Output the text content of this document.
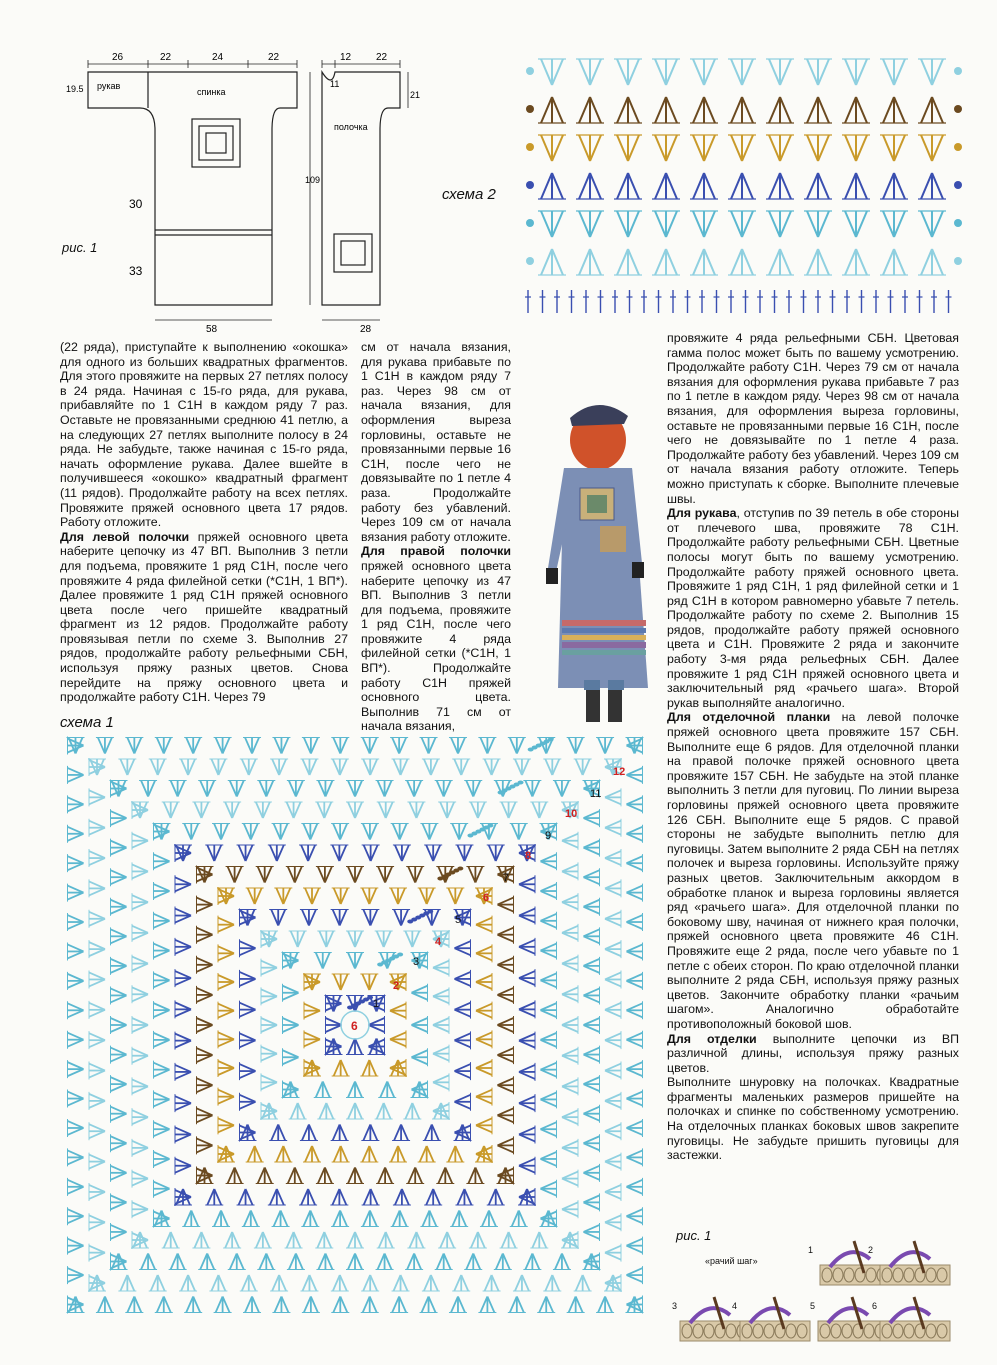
26	22	24	22
19.5 рукав
спинка
30
33
58
12 22
11
21
полочка
109
28
рис. 1
схема 2

(22 ряда), приступайте к выполнению «окошка» для одного из больших квадратных фрагментов. Для этого провяжите на первых 27 петлях полосу в 24 ряда. Начиная с 15-го ряда, для рукава, прибавляйте по 1 С1Н в каждом ряду 7 раз. Оставьте не провязанными среднюю 41 петлю, а на следующих 27 петлях выполните полосу в 24 ряда. Не забудьте, также начиная с 15-го ряда, начать оформление рукава. Далее вшейте в получившееся «окошко» квадратный фрагмент (11 рядов). Продолжайте работу на всех петлях. Провяжите пряжей основного цвета 17 рядов. Работу отложите.

Для левой полочки пряжей основного цвета наберите цепочку из 47 ВП. Выполнив 3 петли для подъема, провяжите 1 ряд С1Н, после чего провяжите 4 ряда филейной сетки (*С1Н, 1 ВП*). Далее провяжите 1 ряд С1Н пряжей основного цвета после чего пришейте квадратный фрагмент из 12 рядов. Продолжайте работу провязывая петли по схеме 3. Выполнив 27 рядов, продолжайте работу рельефными СБН, используя пряжу разных цветов. Снова перейдите на пряжу основного цвета и продолжайте работу С1Н. Через 79

см от начала вязания, для рукава прибавьте по 1 С1Н в каждом ряду 7 раз. Через 98 см от начала вязания, для оформления выреза горловины, оставьте не провязанными первые 16 С1Н, после чего не довязывайте по 1 петле 4 раза. Продолжайте работу без убавлений. Через 109 см от начала вязания работу отложите.

Для правой полочки пряжей основного цвета наберите цепочку из 47 ВП. Выполнив 3 петли для подъема, провяжите 1 ряд С1Н, после чего провяжите 4 ряда филейной сетки (*С1Н, 1 ВП*). Продолжайте работу С1Н пряжей основного цвета. Выполнив 71 см от начала вязания,

провяжите 4 ряда рельефными СБН. Цветовая гамма полос может быть по вашему усмотрению. Продолжайте работу С1Н. Через 79 см от начала вязания для оформления рукава прибавьте 7 раз по 1 петле в каждом ряду. Через 98 см от начала вязания, для оформления выреза горловины, оставьте не провязанными первые 16 С1Н, после чего не довязывайте по 1 петле 4 раза. Продолжайте работу без убавлений. Через 109 см от начала вязания работу отложите. Теперь можно приступать к сборке. Выполните плечевые швы.

Для рукава, отступив по 39 петель в обе стороны от плечевого шва, провяжите 78 С1Н. Продолжайте работу рельефными СБН. Цветные полосы могут быть по вашему усмотрению. Продолжайте работу пряжей основного цвета. Провяжите 1 ряд С1Н, 1 ряд филейной сетки и 1 ряд С1Н в котором равномерно убавьте 7 петель. Продолжайте работу по схеме 2. Выполнив 15 рядов, продолжайте работу пряжей основного цвета и С1Н. Провяжите 2 ряда и закончите работу 3-мя ряда рельефных СБН. Далее провяжите 1 ряд С1Н пряжей основного цвета и заключительный ряд «рачьего шага». Второй рукав выполняйте аналогично.

Для отделочной планки на левой полочке пряжей основного цвета провяжите 157 СБН. Выполните еще 6 рядов. Для отделочной планки на правой полочке пряжей основного цвета провяжите 157 СБН. Не забудьте на этой планке выполнить 3 петли для пуговиц. По линии выреза горловины пряжей основного цвета провяжите 126 СБН. Выполните еще 5 рядов. С правой стороны не забудьте выполнить петлю для пуговицы. Затем выполните 2 ряда СБН на петлях полочек и выреза горловины. Используйте пряжу разных цветов. Заключительным аккордом в обработке планок и выреза горловины является ряд «рачьего шага». Для отделочной планки по боковому шву, начиная от нижнего края полочки, пряжей основного цвета провяжите 46 С1Н. Провяжите еще 2 ряда, после чего убавьте по 1 петле с обеих сторон. По краю отделочной планки выполните 2 ряда СБН, используя пряжу разных цветов. Закончите обработку планки «рачьим шагом». Аналогично обработайте противоположный боковой шов.

Для отделки выполните цепочки из ВП различной длины, используя пряжу разных цветов.

Выполните шнуровку на полочках. Квадратные фрагменты маленьких размеров пришейте на полочках и спинке по собственному усмотрению. На отделочных планках боковых швов закрепите пуговицы. Не забудьте пришить пуговицы для застежки.

схема 1
6
1
2
3
4
5
6
7
8
9
10
11
12
рис. 1
«рачий шаг»
1	2
3	4	5	6
